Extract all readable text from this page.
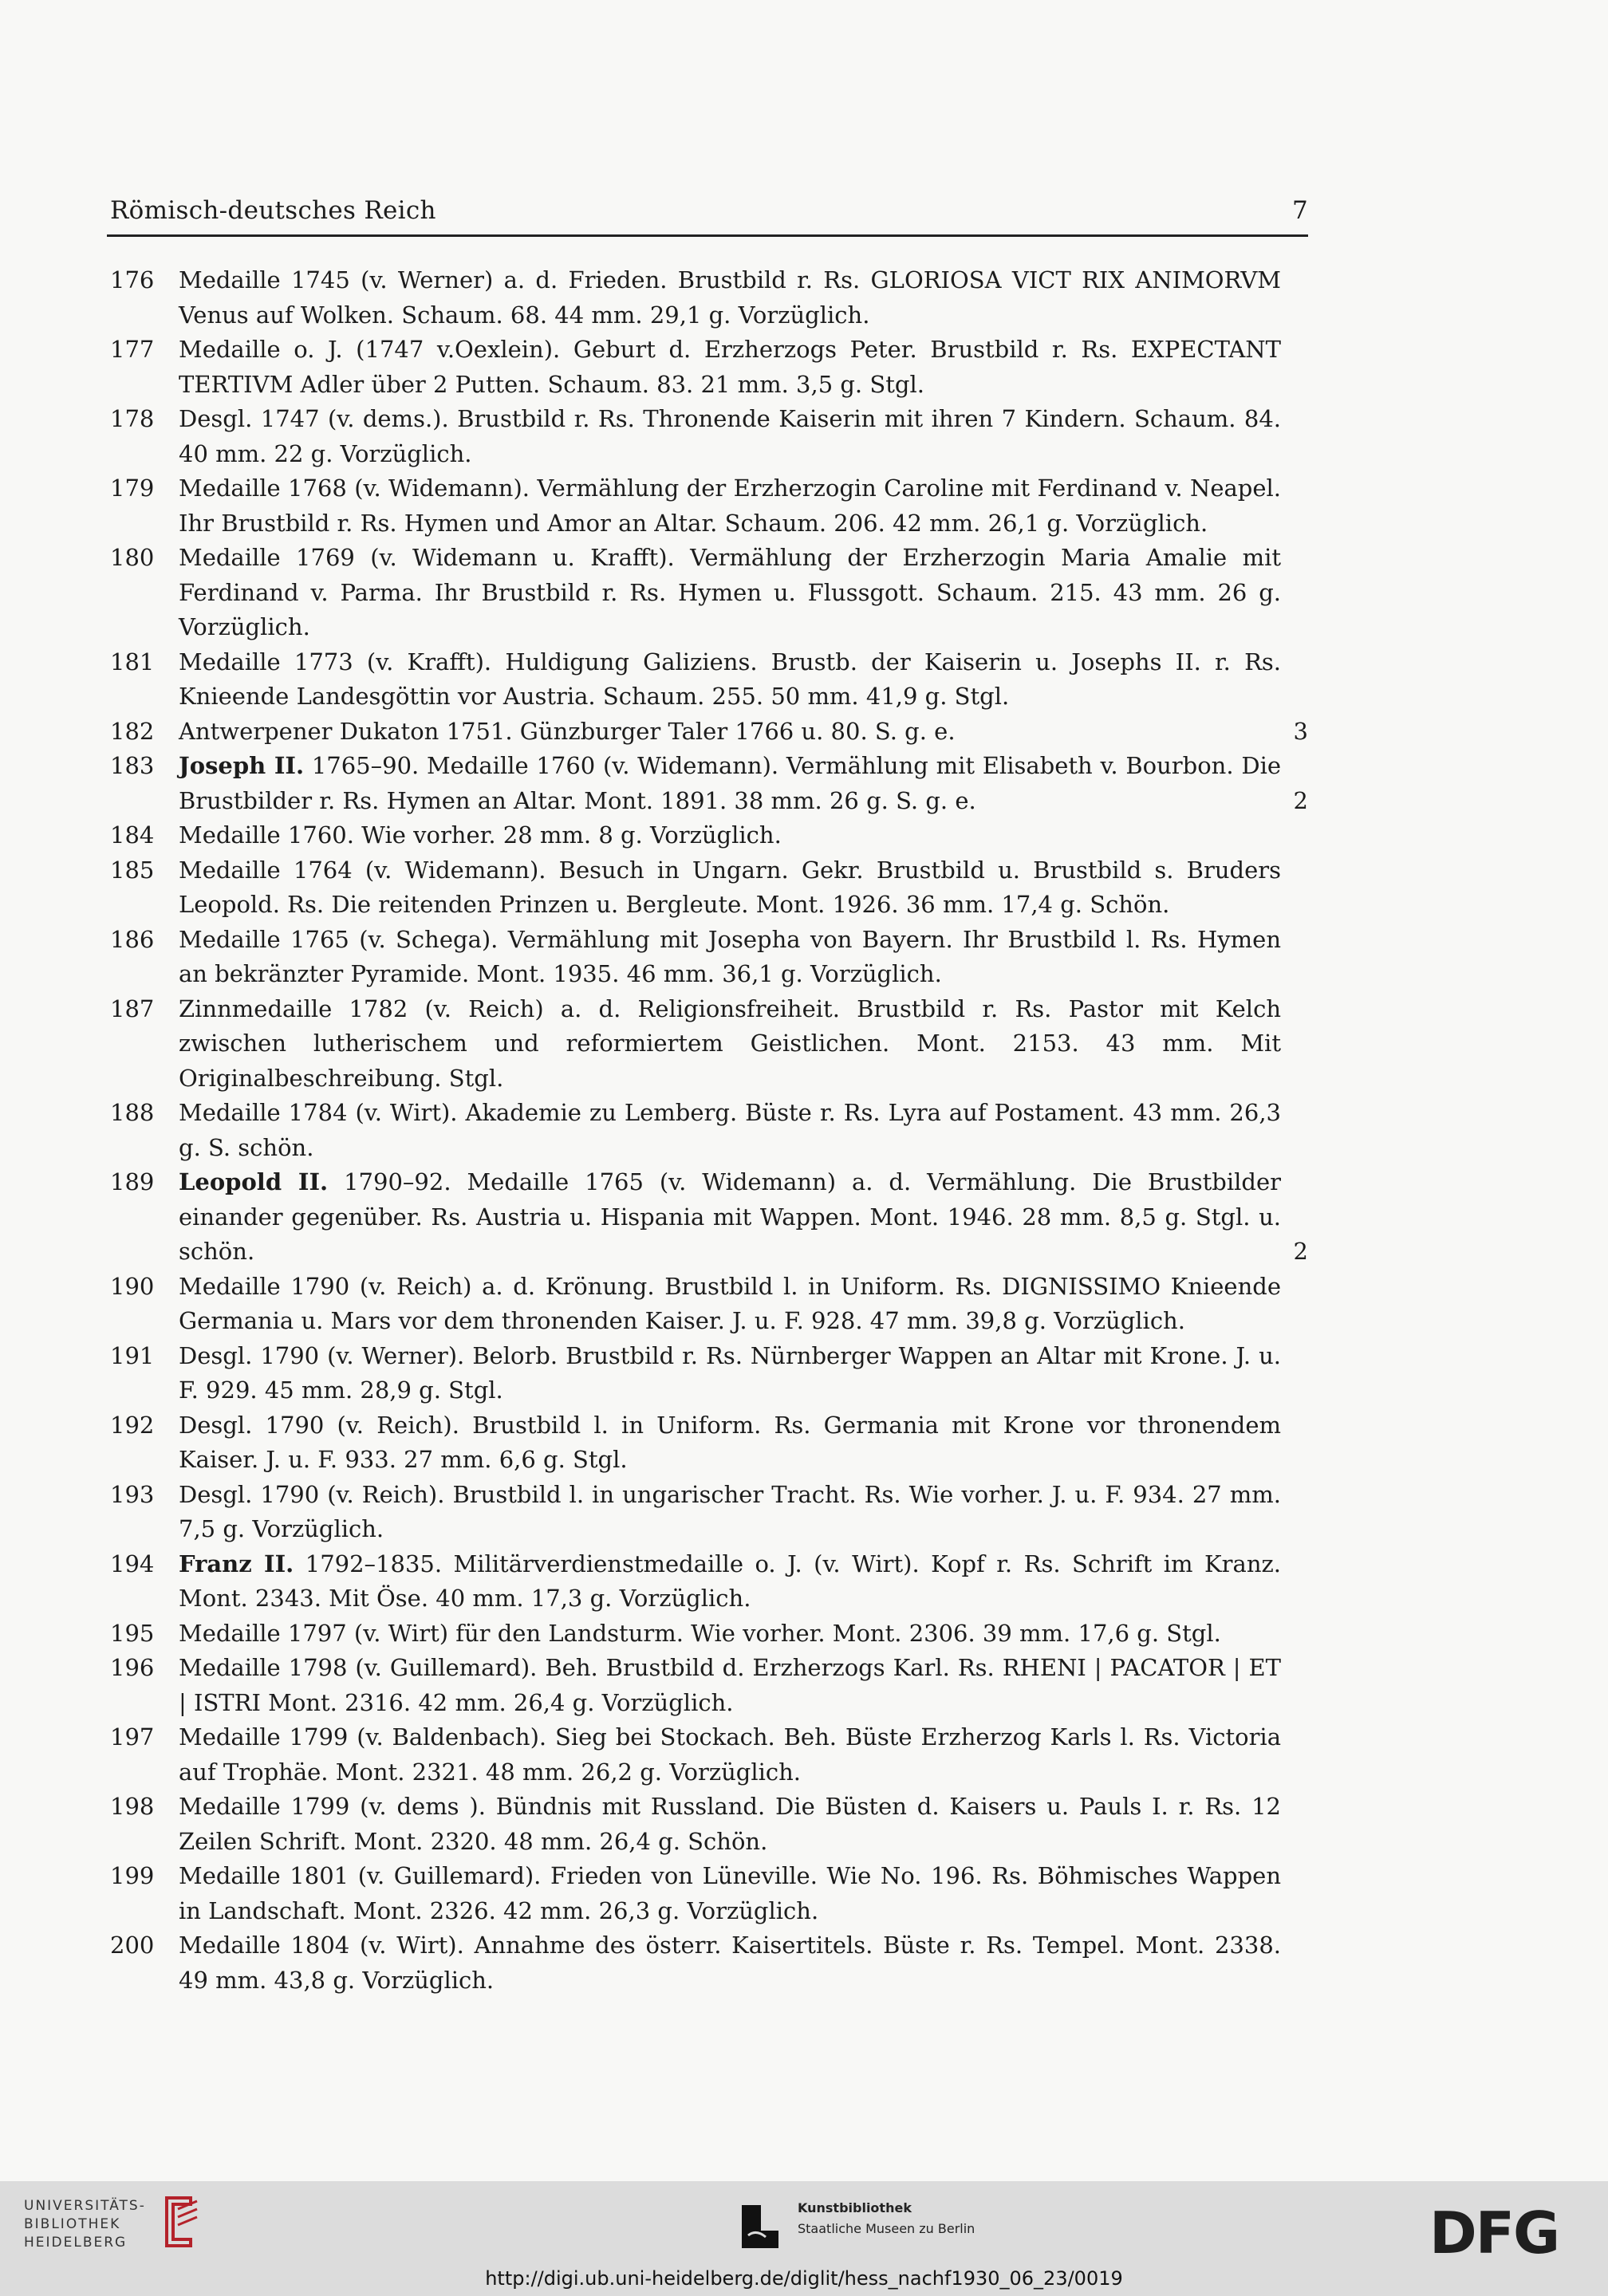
Römisch-deutsches Reich	7
176	Medaille 1745 (v. Werner) a. d. Frieden. Brustbild r. Rs. GLORIOSA VICT RIX ANIMORVM Venus auf Wolken. Schaum. 68. 44 mm. 29,1 g. Vorzüglich.
177	Medaille o. J. (1747 v.Oexlein). Geburt d. Erzherzogs Peter. Brustbild r. Rs. EXPECTANT TERTIVM Adler über 2 Putten. Schaum. 83. 21 mm. 3,5 g. Stgl.
178	Desgl. 1747 (v. dems.). Brustbild r. Rs. Thronende Kaiserin mit ihren 7 Kindern. Schaum. 84. 40 mm. 22 g. Vorzüglich.
179	Medaille 1768 (v. Widemann). Vermählung der Erzherzogin Caroline mit Ferdinand v. Neapel. Ihr Brustbild r. Rs. Hymen und Amor an Altar. Schaum. 206. 42 mm. 26,1 g. Vorzüglich.
180	Medaille 1769 (v. Widemann u. Krafft). Vermählung der Erzherzogin Maria Amalie mit Ferdinand v. Parma. Ihr Brustbild r. Rs. Hymen u. Flussgott. Schaum. 215. 43 mm. 26 g. Vorzüglich.
181	Medaille 1773 (v. Krafft). Huldigung Galiziens. Brustb. der Kaiserin u. Josephs II. r. Rs. Knieende Landesgöttin vor Austria. Schaum. 255. 50 mm. 41,9 g. Stgl.
182	Antwerpener Dukaton 1751. Günzburger Taler 1766 u. 80. S. g. e.	3
183	Joseph II. 1765–90. Medaille 1760 (v. Widemann). Vermählung mit Elisabeth v. Bourbon. Die Brustbilder r. Rs. Hymen an Altar. Mont. 1891. 38 mm. 26 g. S. g. e.	2
184	Medaille 1760. Wie vorher. 28 mm. 8 g. Vorzüglich.
185	Medaille 1764 (v. Widemann). Besuch in Ungarn. Gekr. Brustbild u. Brustbild s. Bruders Leopold. Rs. Die reitenden Prinzen u. Bergleute. Mont. 1926. 36 mm. 17,4 g. Schön.
186	Medaille 1765 (v. Schega). Vermählung mit Josepha von Bayern. Ihr Brustbild l. Rs. Hymen an bekränzter Pyramide. Mont. 1935. 46 mm. 36,1 g. Vorzüglich.
187	Zinnmedaille 1782 (v. Reich) a. d. Religionsfreiheit. Brustbild r. Rs. Pastor mit Kelch zwischen lutherischem und reformiertem Geistlichen. Mont. 2153. 43 mm. Mit Originalbeschreibung. Stgl.
188	Medaille 1784 (v. Wirt). Akademie zu Lemberg. Büste r. Rs. Lyra auf Postament. 43 mm. 26,3 g. S. schön.
189	Leopold II. 1790–92. Medaille 1765 (v. Widemann) a. d. Vermählung. Die Brustbilder einander gegenüber. Rs. Austria u. Hispania mit Wappen. Mont. 1946. 28 mm. 8,5 g. Stgl. u. schön.	2
190	Medaille 1790 (v. Reich) a. d. Krönung. Brustbild l. in Uniform. Rs. DIGNISSIMO Knieende Germania u. Mars vor dem thronenden Kaiser. J. u. F. 928. 47 mm. 39,8 g. Vorzüglich.
191	Desgl. 1790 (v. Werner). Belorb. Brustbild r. Rs. Nürnberger Wappen an Altar mit Krone. J. u. F. 929. 45 mm. 28,9 g. Stgl.
192	Desgl. 1790 (v. Reich). Brustbild l. in Uniform. Rs. Germania mit Krone vor thronendem Kaiser. J. u. F. 933. 27 mm. 6,6 g. Stgl.
193	Desgl. 1790 (v. Reich). Brustbild l. in ungarischer Tracht. Rs. Wie vorher. J. u. F. 934. 27 mm. 7,5 g. Vorzüglich.
194	Franz II. 1792–1835. Militärverdienstmedaille o. J. (v. Wirt). Kopf r. Rs. Schrift im Kranz. Mont. 2343. Mit Öse. 40 mm. 17,3 g. Vorzüglich.
195	Medaille 1797 (v. Wirt) für den Landsturm. Wie vorher. Mont. 2306. 39 mm. 17,6 g. Stgl.
196	Medaille 1798 (v. Guillemard). Beh. Brustbild d. Erzherzogs Karl. Rs. RHENI | PACATOR | ET | ISTRI Mont. 2316. 42 mm. 26,4 g. Vorzüglich.
197	Medaille 1799 (v. Baldenbach). Sieg bei Stockach. Beh. Büste Erzherzog Karls l. Rs. Victoria auf Trophäe. Mont. 2321. 48 mm. 26,2 g. Vorzüglich.
198	Medaille 1799 (v. dems ). Bündnis mit Russland. Die Büsten d. Kaisers u. Pauls I. r. Rs. 12 Zeilen Schrift. Mont. 2320. 48 mm. 26,4 g. Schön.
199	Medaille 1801 (v. Guillemard). Frieden von Lüneville. Wie No. 196. Rs. Böhmisches Wappen in Landschaft. Mont. 2326. 42 mm. 26,3 g. Vorzüglich.
200	Medaille 1804 (v. Wirt). Annahme des österr. Kaisertitels. Büste r. Rs. Tempel. Mont. 2338. 49 mm. 43,8 g. Vorzüglich.
UNIVERSITÄTS-
BIBLIOTHEK
HEIDELBERG
Kunstbibliothek
Staatliche Museen zu Berlin	DFG
http://digi.ub.uni-heidelberg.de/diglit/hess_nachf1930_06_23/0019
